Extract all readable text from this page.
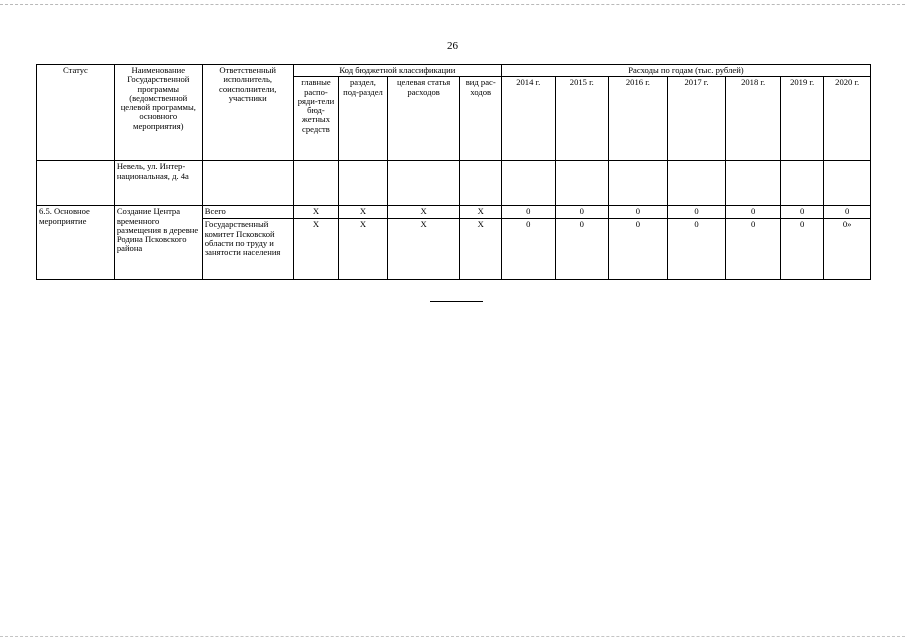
26
Статус	Наименование Государственной программы (ведомственной целевой программы, основного мероприятия)	Ответственный исполнитель, соисполнители, участники	Код бюджетной классификации				Расходы по годам (тыс. рублей)						
			главные распо-ряди-тели бюд-жетных средств	раздел, под-раздел	целевая статья расходов	вид рас-ходов	2014 г.	2015 г.	2016 г.	2017 г.	2018 г.	2019 г.	2020 г.
	Невель, ул. Интер-национальная, д. 4а												
6.5. Основное мероприятие	Создание Центра временного размещения в деревне Родина Псковского района	Всего	Х	Х	Х	Х	0	0	0	0	0	0	0
		Государственный комитет Псковской области по труду и занятости населения	Х	Х	Х	Х	0	0	0	0	0	0	0»
